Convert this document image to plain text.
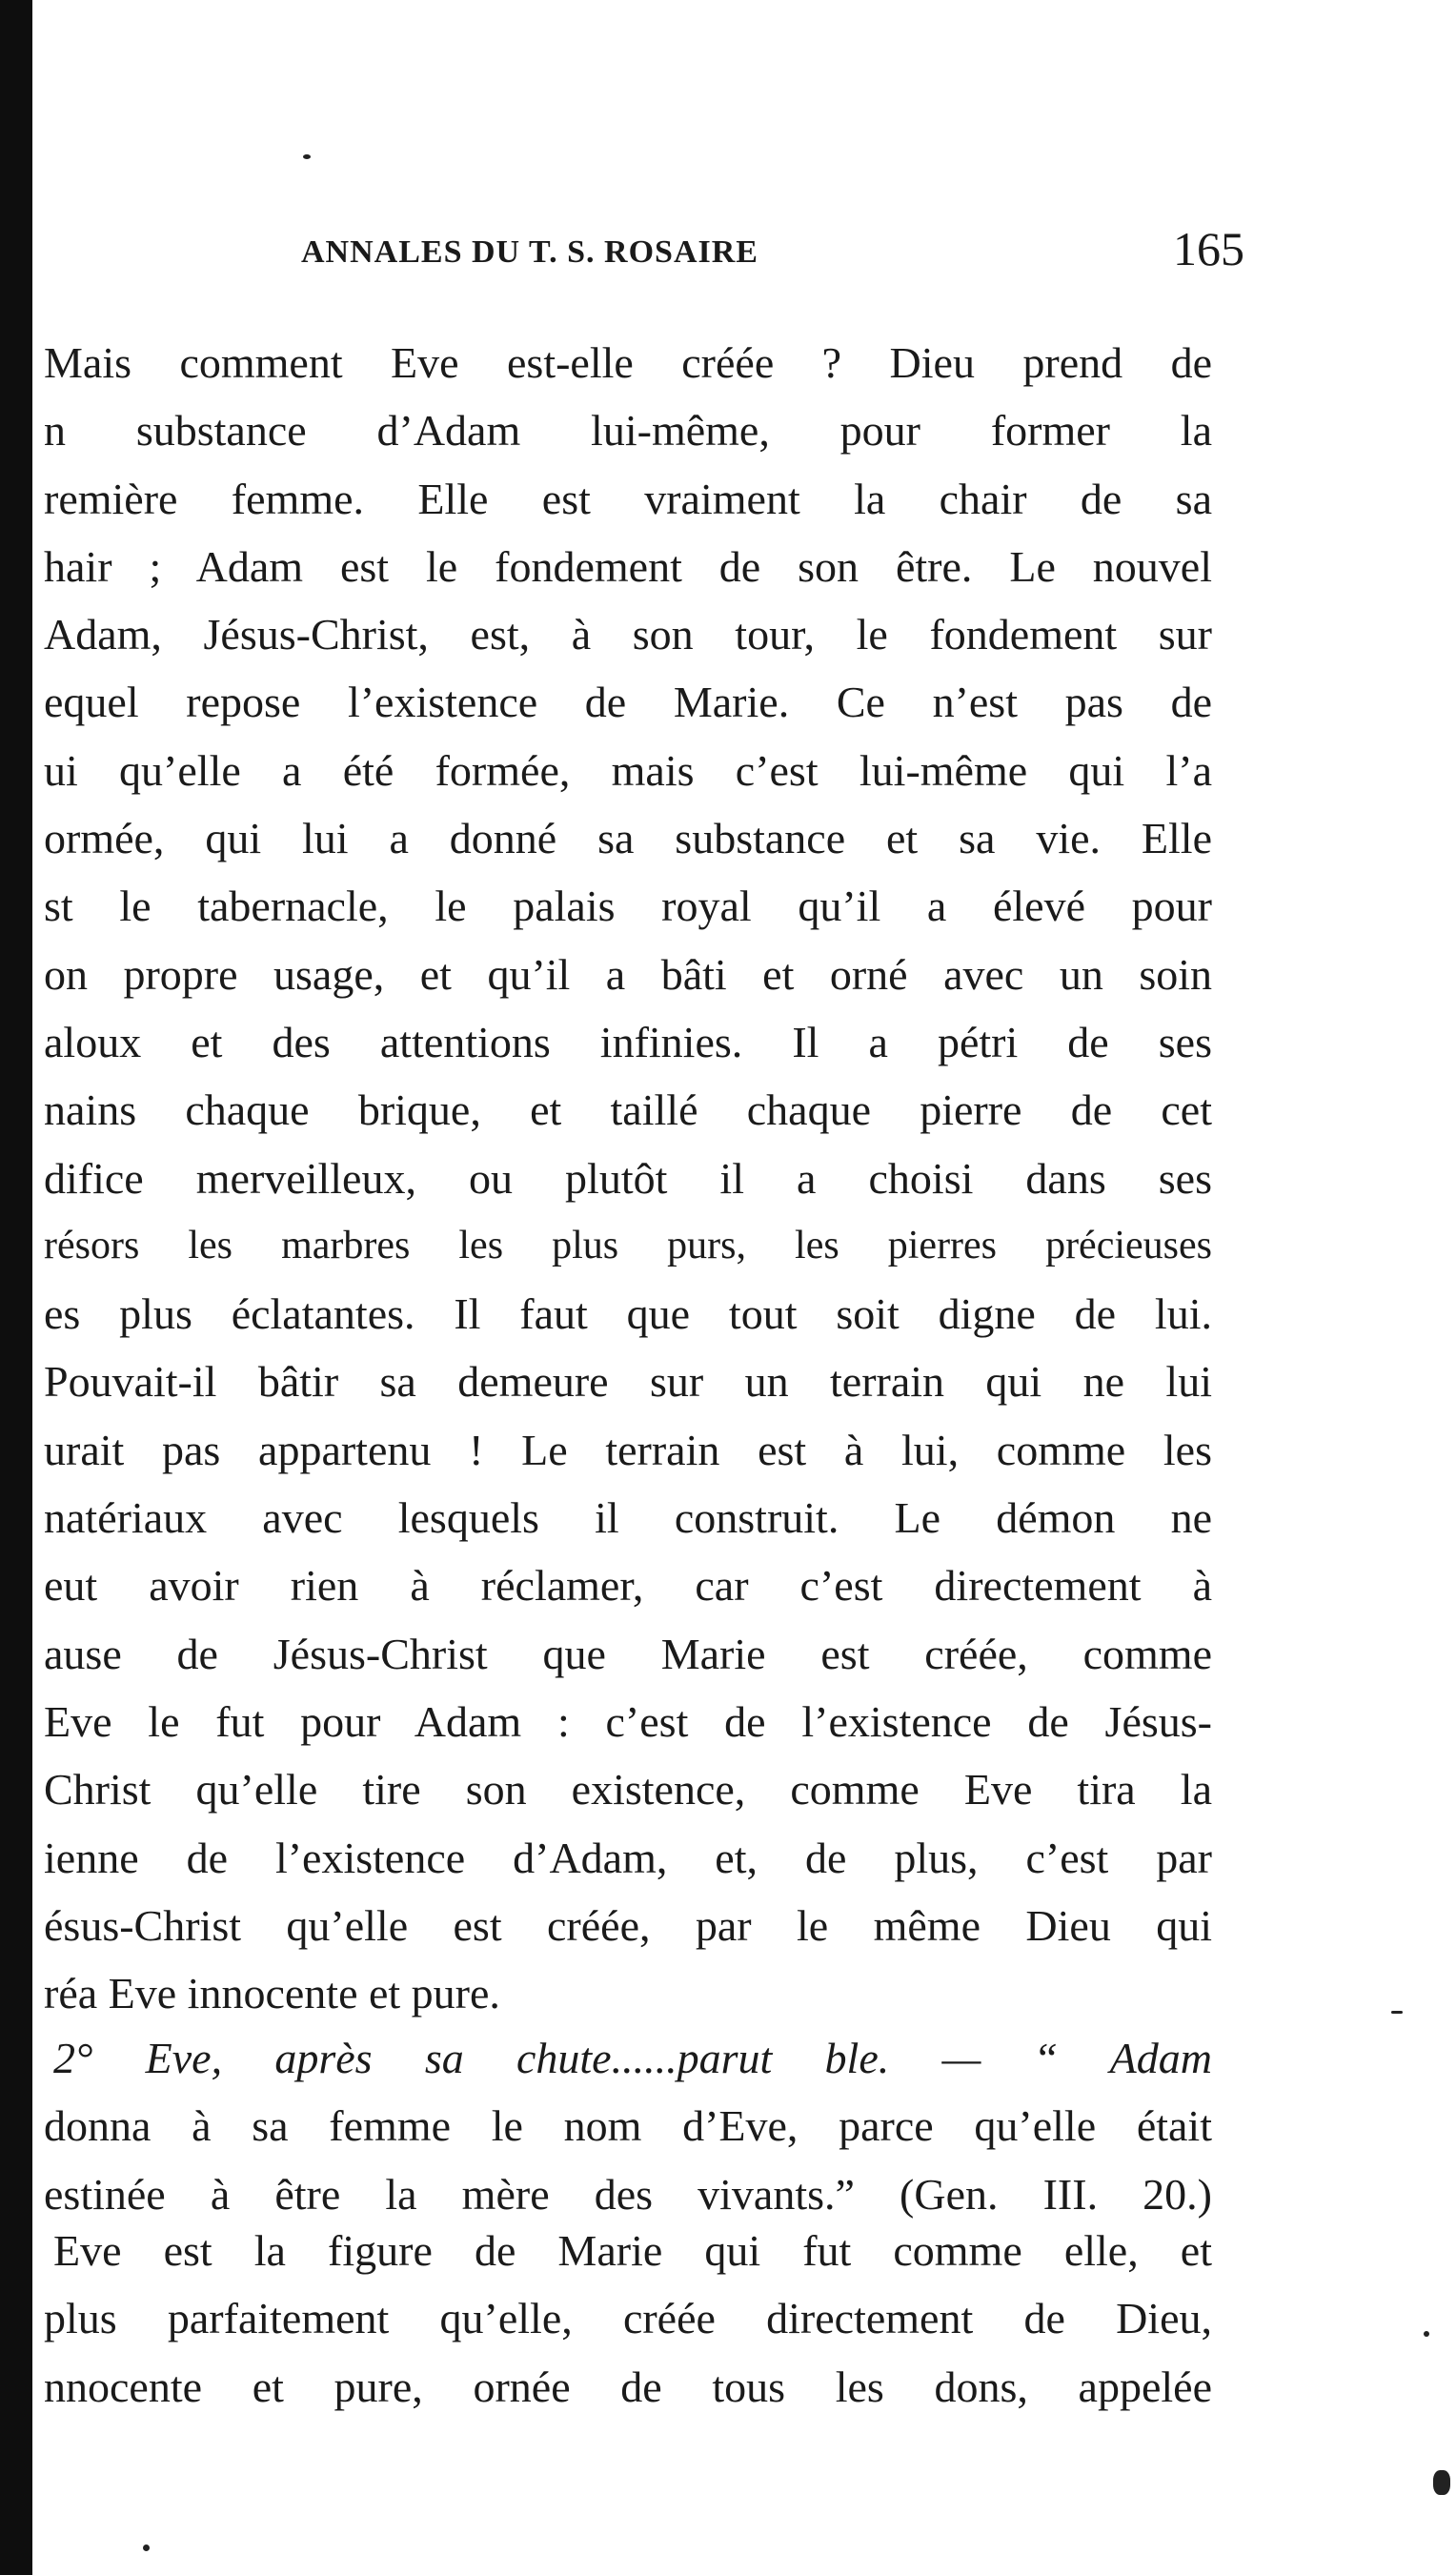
ANNALES DU T. S. ROSAIRE	165
Mais comment Eve est-elle créée ? Dieu prend de
n substance d’Adam lui-même, pour former la
remière femme. Elle est vraiment la chair de sa
hair ; Adam est le fondement de son être. Le nouvel
Adam, Jésus-Christ, est, à son tour, le fondement sur
equel repose l’existence de Marie. Ce n’est pas de
ui qu’elle a été formée, mais c’est lui-même qui l’a
ormée, qui lui a donné sa substance et sa vie. Elle
st le tabernacle, le palais royal qu’il a élevé pour
on propre usage, et qu’il a bâti et orné avec un soin
aloux et des attentions infinies. Il a pétri de ses
nains chaque brique, et taillé chaque pierre de cet
difice merveilleux, ou plutôt il a choisi dans ses
résors les marbres les plus purs, les pierres précieuses
es plus éclatantes. Il faut que tout soit digne de lui.
Pouvait-il bâtir sa demeure sur un terrain qui ne lui
urait pas appartenu ! Le terrain est à lui, comme les
natériaux avec lesquels il construit. Le démon ne
eut avoir rien à réclamer, car c’est directement à
ause de Jésus-Christ que Marie est créée, comme
Eve le fut pour Adam : c’est de l’existence de Jésus-
Christ qu’elle tire son existence, comme Eve tira la
ienne de l’existence d’Adam, et, de plus, c’est par
ésus-Christ qu’elle est créée, par le même Dieu qui
réa Eve innocente et pure.
2° Eve, après sa chute......parut ble. — “ Adam
donna à sa femme le nom d’Eve, parce qu’elle était
estinée à être la mère des vivants.” (Gen. III. 20.)
Eve est la figure de Marie qui fut comme elle, et
plus parfaitement qu’elle, créée directement de Dieu,
nnocente et pure, ornée de tous les dons, appelée
